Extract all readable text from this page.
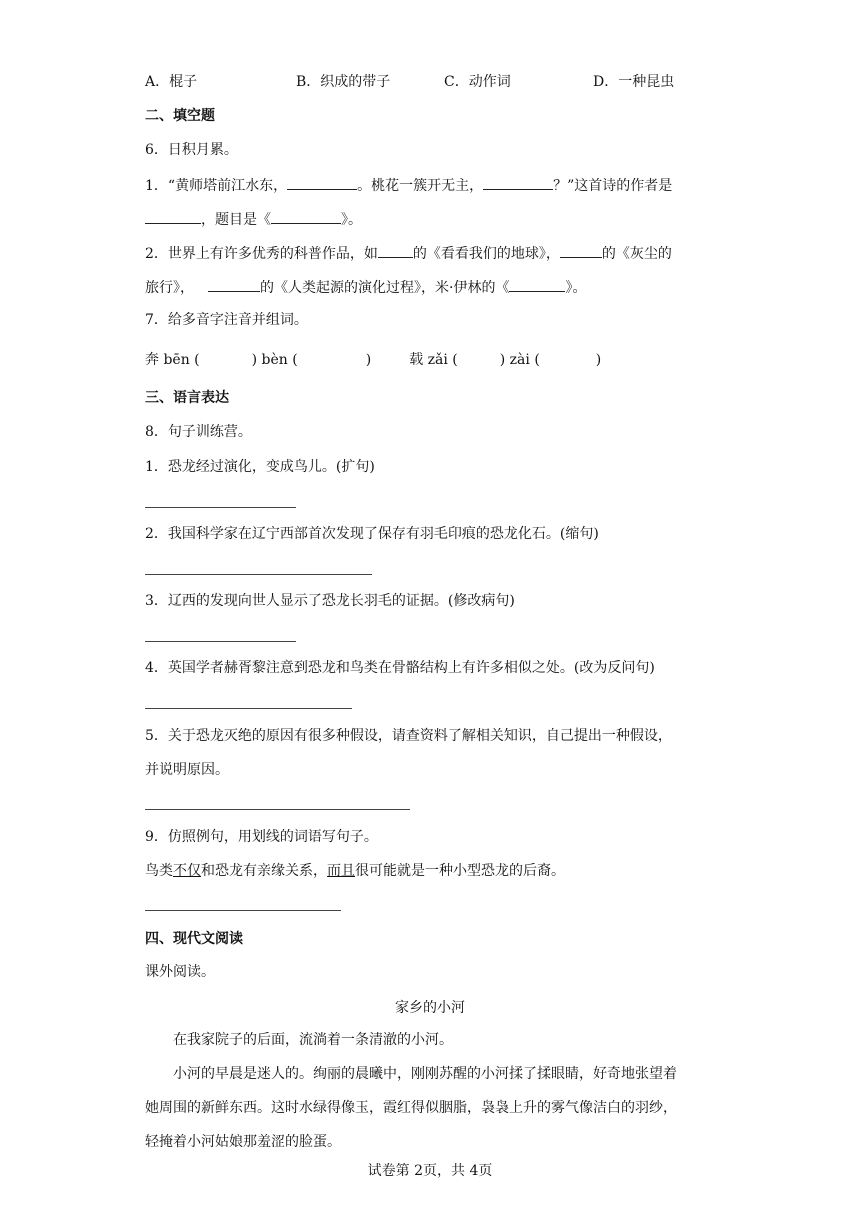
A．棍子	B．织成的带子	C．动作词	D．一种昆虫
二、填空题
6．日积月累。
1．“黄师塔前江水东，	。桃花一簇开无主，	？”这首诗的作者是
，题目是《	》。
2．世界上有许多优秀的科普作品，如	的《看看我们的地球》，	的《灰尘的
旅行》，	的《人类起源的演化过程》，米·伊林的《	》。
7．给多音字注音并组词。
奔 bēn (	) bèn (	)	载 zǎi (	) zài (	)
三、语言表达
8．句子训练营。
1．恐龙经过演化，变成鸟儿。(扩句)
2．我国科学家在辽宁西部首次发现了保存有羽毛印痕的恐龙化石。(缩句)
3．辽西的发现向世人显示了恐龙长羽毛的证据。(修改病句)
4．英国学者赫胥黎注意到恐龙和鸟类在骨骼结构上有许多相似之处。(改为反问句)
5．关于恐龙灭绝的原因有很多种假设，请查资料了解相关知识，自己提出一种假设，
并说明原因。
9．仿照例句，用划线的词语写句子。
鸟类不仅和恐龙有亲缘关系，而且很可能就是一种小型恐龙的后裔。
四、现代文阅读
课外阅读。
家乡的小河
在我家院子的后面，流淌着一条清澈的小河。
小河的早晨是迷人的。绚丽的晨曦中，刚刚苏醒的小河揉了揉眼睛，好奇地张望着
她周围的新鲜东西。这时水绿得像玉，霞红得似胭脂，袅袅上升的雾气像洁白的羽纱，
轻掩着小河姑娘那羞涩的脸蛋。
试卷第 2页，共 4页
